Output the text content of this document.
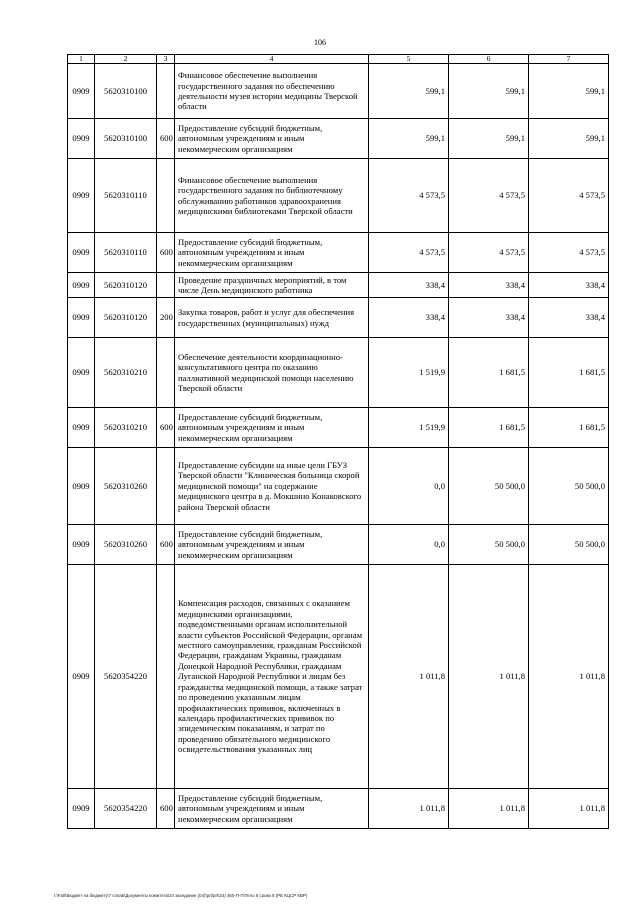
106
1	2	3	4	5	6	7
0909	5620310100		Финансовое обеспечение выполнения государственного задания по обеспечению деятельности музея истории медицины Тверской области	599,1	599,1	599,1
0909	5620310100	600	Предоставление субсидий бюджетным, автономным учреждениям и иным некоммерческим организациям	599,1	599,1	599,1
0909	5620310110		Финансовое обеспечение выполнения государственного задания по библиотечному обслуживанию работников здравоохранения медицинскими библиотеками Тверской области	4 573,5	4 573,5	4 573,5
0909	5620310110	600	Предоставление субсидий бюджетным, автономным учреждениям и иным некоммерческим организациям	4 573,5	4 573,5	4 573,5
0909	5620310120		Проведение праздничных мероприятий, в том числе День медицинского работника	338,4	338,4	338,4
0909	5620310120	200	Закупка товаров, работ и услуг для обеспечения государственных (муниципальных) нужд	338,4	338,4	338,4
0909	5620310210		Обеспечение деятельности координационно-консультативного центра по оказанию паллиативной медицинской помощи населению Тверской области	1 519,9	1 681,5	1 681,5
0909	5620310210	600	Предоставление субсидий бюджетным, автономным учреждениям и иным некоммерческим организациям	1 519,9	1 681,5	1 681,5
0909	5620310260		Предоставление субсидии на иные цели ГБУЗ Тверской области "Клиническая больница скорой медицинской помощи" на содержание медицинского центра в д. Мокшино Конаковского района Тверской области	0,0	50 500,0	50 500,0
0909	5620310260	600	Предоставление субсидий бюджетным, автономным учреждениям и иным некоммерческим организациям	0,0	50 500,0	50 500,0
0909	5620354220		Компенсация расходов, связанных с оказанием медицинскими организациями, подведомственными органам исполнительной власти субъектов Российской Федерации, органам местного самоуправления, гражданам Российской Федерации, гражданам Украины, гражданам Донецкой Народной Республики, гражданам Луганской Народной Республики и лицам без гражданства медицинской помощи, а также затрат по проведению указанным лицам профилактических прививок, включенных в календарь профилактических прививок по эпидемическим показаниям, и затрат по проведению обязательного медицинского освидетельствования указанных лиц	1 011,8	1 011,8	1 011,8
0909	5620354220	600	Предоставление субсидий бюджетным, автономным учреждениям и иным некоммерческим организациям	1 011,8	1 011,8	1 011,8
I:\Fa0\Бюджет на бюджету\7 сплав\Документы комитета\24 заседание (04)\prt\prt\24) 460-П-П\Тело 5 сроки 8 (РЕ КЦСР КВР)
